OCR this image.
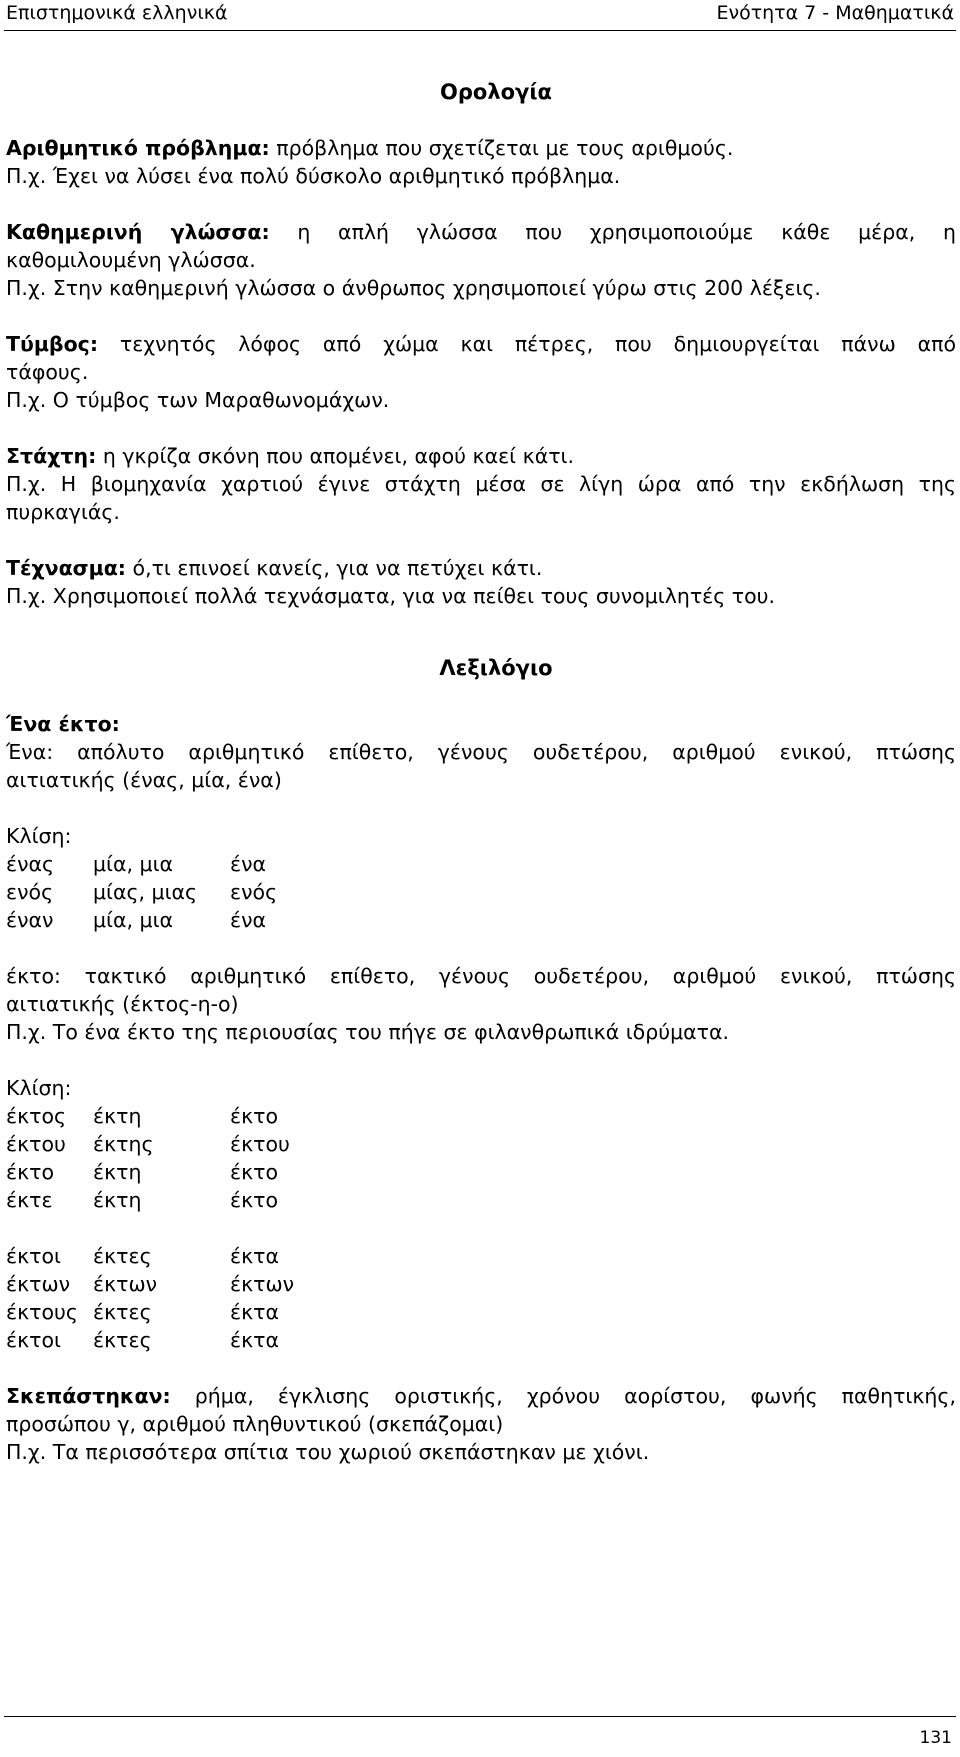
Επιστημονικά ελληνικά	Ενότητα 7 - Μαθηματικά
Ορολογία
Αριθμητικό πρόβλημα: πρόβλημα που σχετίζεται με τους αριθμούς.
Π.χ. Έχει να λύσει ένα πολύ δύσκολο αριθμητικό πρόβλημα.
Καθημερινή γλώσσα: η απλή γλώσσα που χρησιμοποιούμε κάθε μέρα, η
καθομιλουμένη γλώσσα.
Π.χ. Στην καθημερινή γλώσσα ο άνθρωπος χρησιμοποιεί γύρω στις 200 λέξεις.
Τύμβος: τεχνητός λόφος από χώμα και πέτρες, που δημιουργείται πάνω από
τάφους.
Π.χ. Ο τύμβος των Μαραθωνομάχων.
Στάχτη: η γκρίζα σκόνη που απομένει, αφού καεί κάτι.
Π.χ. Η βιομηχανία χαρτιού έγινε στάχτη μέσα σε λίγη ώρα από την εκδήλωση της
πυρκαγιάς.
Τέχνασμα: ό,τι επινοεί κανείς, για να πετύχει κάτι.
Π.χ. Χρησιμοποιεί πολλά τεχνάσματα, για να πείθει τους συνομιλητές του.
Λεξιλόγιο
Ένα έκτο:
Ένα: απόλυτο αριθμητικό επίθετο, γένους ουδετέρου, αριθμού ενικού, πτώσης
αιτιατικής (ένας, μία, ένα)
Κλίση:
ένας	μία, μια	ένα
ενός	μίας, μιας	ενός
έναν	μία, μια	ένα
έκτο: τακτικό αριθμητικό επίθετο, γένους ουδετέρου, αριθμού ενικού, πτώσης
αιτιατικής (έκτος-η-ο)
Π.χ. Το ένα έκτο της περιουσίας του πήγε σε φιλανθρωπικά ιδρύματα.
Κλίση:
έκτος	έκτη	έκτο
έκτου	έκτης	έκτου
έκτο	έκτη	έκτο
έκτε	έκτη	έκτο
έκτοι	έκτες	έκτα
έκτων	έκτων	έκτων
έκτους	έκτες	έκτα
έκτοι	έκτες	έκτα
Σκεπάστηκαν: ρήμα, έγκλισης οριστικής, χρόνου αορίστου, φωνής παθητικής,
προσώπου γ, αριθμού πληθυντικού (σκεπάζομαι)
Π.χ. Τα περισσότερα σπίτια του χωριού σκεπάστηκαν με χιόνι.
131
